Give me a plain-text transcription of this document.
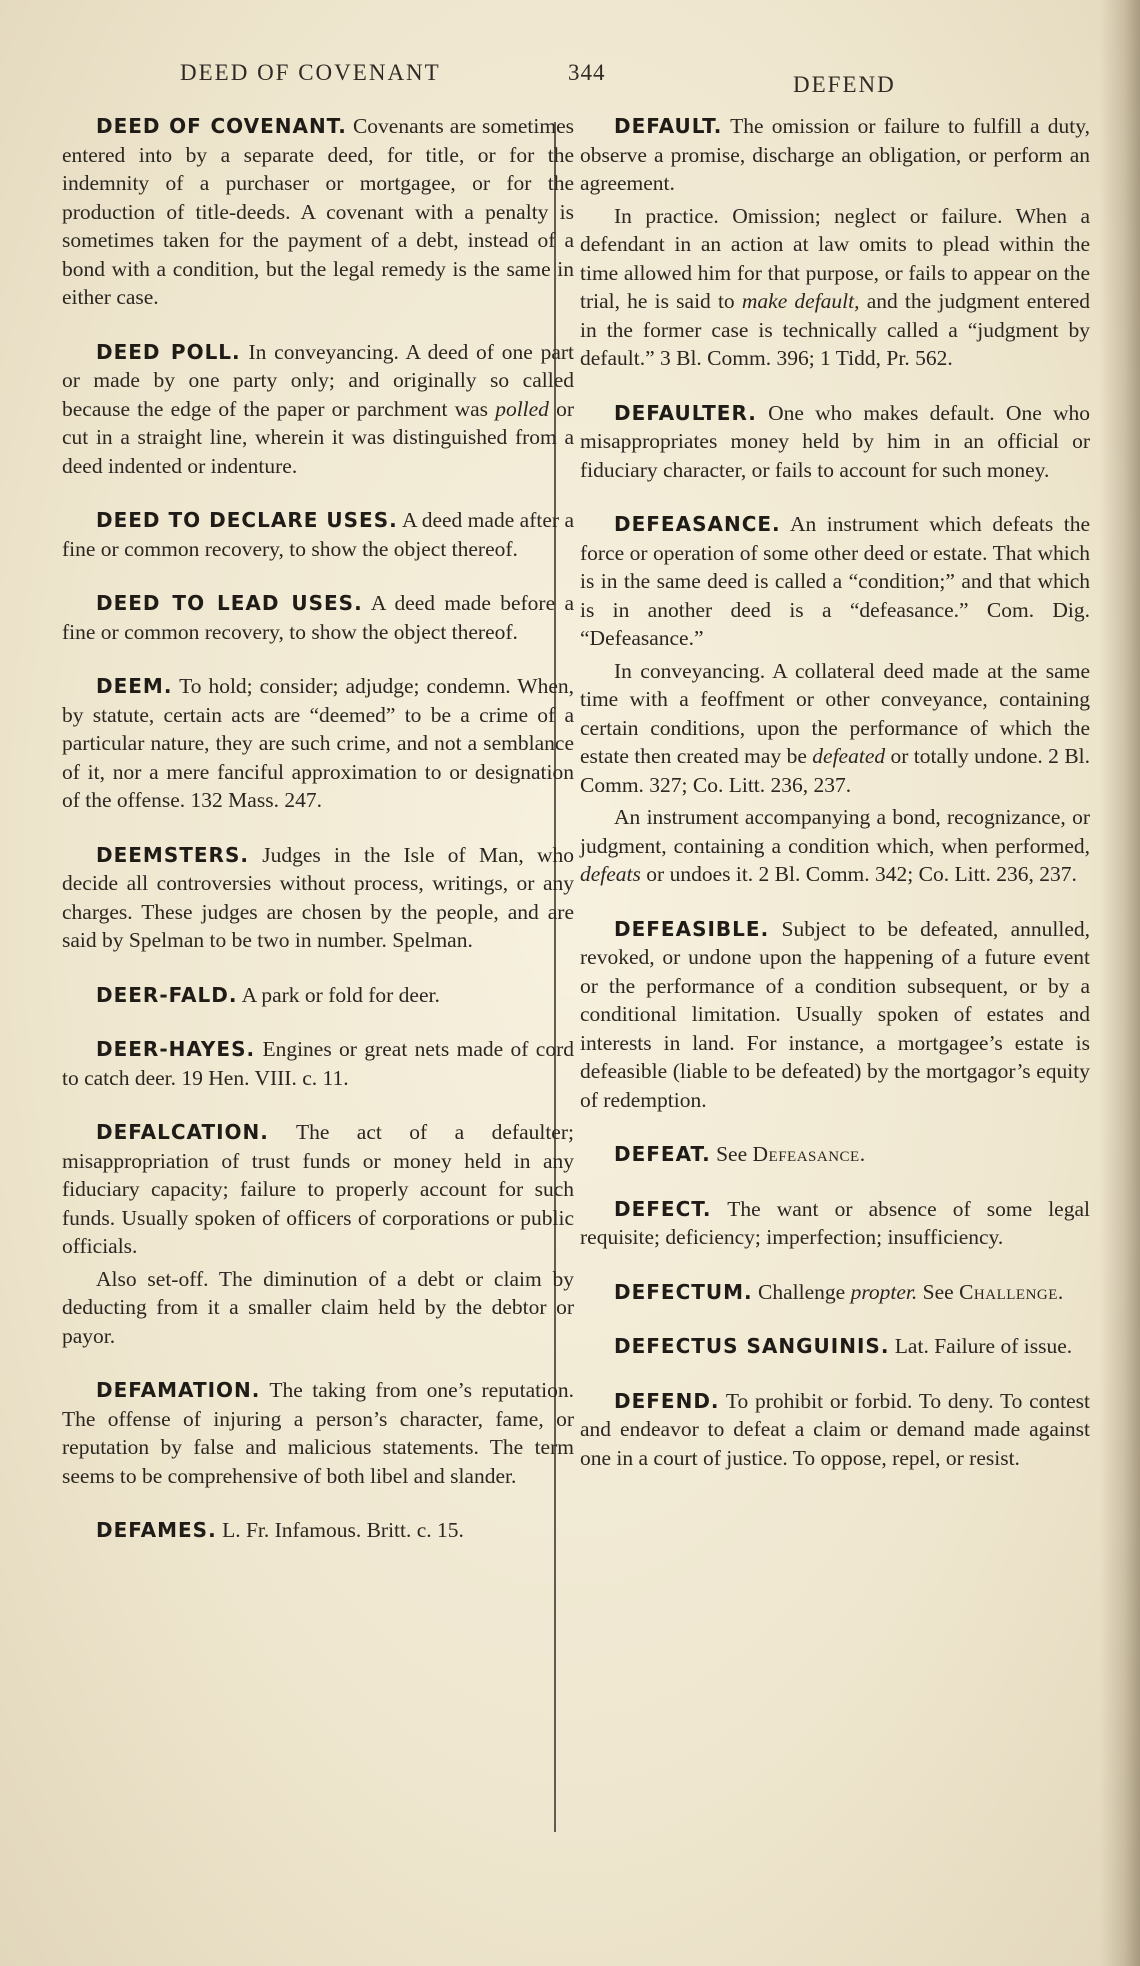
DEED OF COVENANT	344	DEFEND

DEED OF COVENANT. Covenants are sometimes entered into by a separate deed, for title, or for the indemnity of a purchaser or mortgagee, or for the production of title-deeds. A covenant with a penalty is sometimes taken for the payment of a debt, instead of a bond with a condition, but the legal remedy is the same in either case.

DEED POLL. In conveyancing. A deed of one part or made by one party only; and originally so called because the edge of the paper or parchment was polled or cut in a straight line, wherein it was distinguished from a deed indented or indenture.

DEED TO DECLARE USES. A deed made after a fine or common recovery, to show the object thereof.

DEED TO LEAD USES. A deed made before a fine or common recovery, to show the object thereof.

DEEM. To hold; consider; adjudge; condemn. When, by statute, certain acts are “deemed” to be a crime of a particular nature, they are such crime, and not a semblance of it, nor a mere fanciful approximation to or designation of the offense. 132 Mass. 247.

DEEMSTERS. Judges in the Isle of Man, who decide all controversies without process, writings, or any charges. These judges are chosen by the people, and are said by Spelman to be two in number. Spelman.

DEER-FALD. A park or fold for deer.

DEER-HAYES. Engines or great nets made of cord to catch deer. 19 Hen. VIII. c. 11.

DEFALCATION. The act of a defaulter; misappropriation of trust funds or money held in any fiduciary capacity; failure to properly account for such funds. Usually spoken of officers of corporations or public officials.

Also set-off. The diminution of a debt or claim by deducting from it a smaller claim held by the debtor or payor.

DEFAMATION. The taking from one’s reputation. The offense of injuring a person’s character, fame, or reputation by false and malicious statements. The term seems to be comprehensive of both libel and slander.

DEFAMES. L. Fr. Infamous. Britt. c. 15.

DEFAULT. The omission or failure to fulfill a duty, observe a promise, discharge an obligation, or perform an agreement.

In practice. Omission; neglect or failure. When a defendant in an action at law omits to plead within the time allowed him for that purpose, or fails to appear on the trial, he is said to make default, and the judgment entered in the former case is technically called a “judgment by default.” 3 Bl. Comm. 396; 1 Tidd, Pr. 562.

DEFAULTER. One who makes default. One who misappropriates money held by him in an official or fiduciary character, or fails to account for such money.

DEFEASANCE. An instrument which defeats the force or operation of some other deed or estate. That which is in the same deed is called a “condition;” and that which is in another deed is a “defeasance.” Com. Dig. “Defeasance.”

In conveyancing. A collateral deed made at the same time with a feoffment or other conveyance, containing certain conditions, upon the performance of which the estate then created may be defeated or totally undone. 2 Bl. Comm. 327; Co. Litt. 236, 237.

An instrument accompanying a bond, recognizance, or judgment, containing a condition which, when performed, defeats or undoes it. 2 Bl. Comm. 342; Co. Litt. 236, 237.

DEFEASIBLE. Subject to be defeated, annulled, revoked, or undone upon the happening of a future event or the performance of a condition subsequent, or by a conditional limitation. Usually spoken of estates and interests in land. For instance, a mortgagee’s estate is defeasible (liable to be defeated) by the mortgagor’s equity of redemption.

DEFEAT. See Defeasance.

DEFECT. The want or absence of some legal requisite; deficiency; imperfection; insufficiency.

DEFECTUM. Challenge propter. See Challenge.

DEFECTUS SANGUINIS. Lat. Failure of issue.

DEFEND. To prohibit or forbid. To deny. To contest and endeavor to defeat a claim or demand made against one in a court of justice. To oppose, repel, or resist.
